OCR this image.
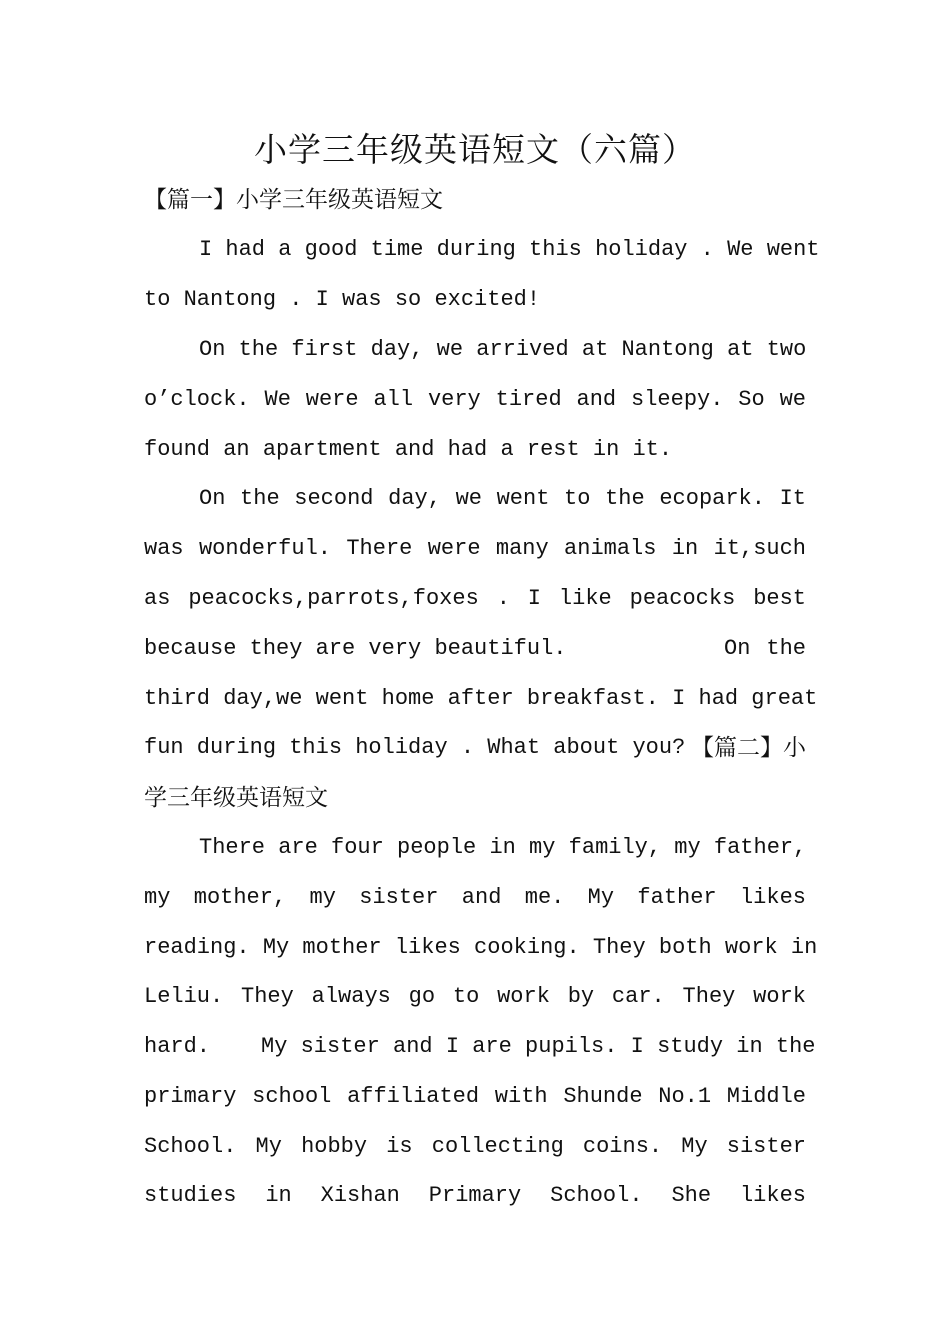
小学三年级英语短文（六篇）
【篇一】小学三年级英语短文
I had a good time during this holiday . We went
to Nantong . I was so excited!
On the first day, we arrived at Nantong at two
o’clock. We were all very tired and sleepy. So we
found an apartment and had a rest in it.
On the second day, we went to the ecopark. It
was wonderful. There were many animals in it,such
as peacocks,parrots,foxes . I like peacocks best
because they are very beautiful.	On the
third day,we went home after breakfast. I had great
fun during this holiday . What about you? 【篇二】小
学三年级英语短文
There are four people in my family, my father,
my mother, my sister and me. My father likes
reading. My mother likes cooking. They both work in
Leliu. They always go to work by car. They work
hard.	My sister and I are pupils. I study in the
primary school affiliated with Shunde No.1 Middle
School. My hobby is collecting coins. My sister
studies in Xishan Primary School. She likes
